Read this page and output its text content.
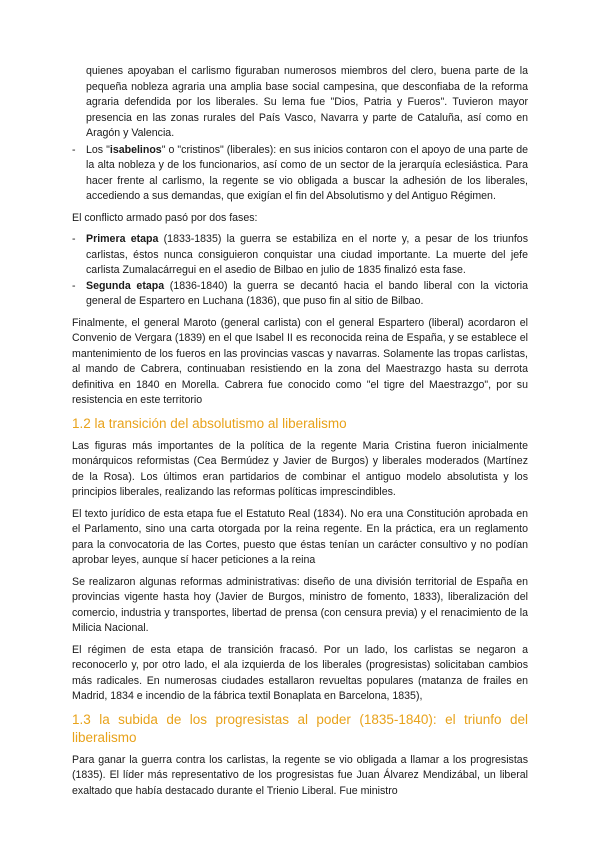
quienes apoyaban el carlismo figuraban numerosos miembros del clero, buena parte de la pequeña nobleza agraria una amplia base social campesina, que desconfiaba de la reforma agraria defendida por los liberales. Su lema fue "Dios, Patria y Fueros". Tuvieron mayor presencia en las zonas rurales del País Vasco, Navarra y parte de Cataluña, así como en Aragón y Valencia.
- Los "isabelinos" o "cristinos" (liberales): en sus inicios contaron con el apoyo de una parte de la alta nobleza y de los funcionarios, así como de un sector de la jerarquía eclesiástica. Para hacer frente al carlismo, la regente se vio obligada a buscar la adhesión de los liberales, accediendo a sus demandas, que exigían el fin del Absolutismo y del Antiguo Régimen.

El conflicto armado pasó por dos fases:

- Primera etapa (1833-1835) la guerra se estabiliza en el norte y, a pesar de los triunfos carlistas, éstos nunca consiguieron conquistar una ciudad importante. La muerte del jefe carlista Zumalacárregui en el asedio de Bilbao en julio de 1835 finalizó esta fase.
- Segunda etapa (1836-1840) la guerra se decantó hacia el bando liberal con la victoria general de Espartero en Luchana (1836), que puso fin al sitio de Bilbao.

Finalmente, el general Maroto (general carlista) con el general Espartero (liberal) acordaron el Convenio de Vergara (1839) en el que Isabel II es reconocida reina de España, y se establece el mantenimiento de los fueros en las provincias vascas y navarras. Solamente las tropas carlistas, al mando de Cabrera, continuaban resistiendo en la zona del Maestrazgo hasta su derrota definitiva en 1840 en Morella. Cabrera fue conocido como "el tigre del Maestrazgo", por su resistencia en este territorio

1.2 la transición del absolutismo al liberalismo

Las figuras más importantes de la política de la regente Maria Cristina fueron inicialmente monárquicos reformistas (Cea Bermúdez y Javier de Burgos) y liberales moderados (Martínez de la Rosa). Los últimos eran partidarios de combinar el antiguo modelo absolutista y los principios liberales, realizando las reformas políticas imprescindibles.

El texto jurídico de esta etapa fue el Estatuto Real (1834). No era una Constitución aprobada en el Parlamento, sino una carta otorgada por la reina regente. En la práctica, era un reglamento para la convocatoria de las Cortes, puesto que éstas tenían un carácter consultivo y no podían aprobar leyes, aunque sí hacer peticiones a la reina

Se realizaron algunas reformas administrativas: diseño de una división territorial de España en provincias vigente hasta hoy (Javier de Burgos, ministro de fomento, 1833), liberalización del comercio, industria y transportes, libertad de prensa (con censura previa) y el renacimiento de la Milicia Nacional.

El régimen de esta etapa de transición fracasó. Por un lado, los carlistas se negaron a reconocerlo y, por otro lado, el ala izquierda de los liberales (progresistas) solicitaban cambios más radicales. En numerosas ciudades estallaron revueltas populares (matanza de frailes en Madrid, 1834 e incendio de la fábrica textil Bonaplata en Barcelona, 1835),

1.3 la subida de los progresistas al poder (1835-1840): el triunfo del liberalismo

Para ganar la guerra contra los carlistas, la regente se vio obligada a llamar a los progresistas (1835). El líder más representativo de los progresistas fue Juan Álvarez Mendizábal, un liberal exaltado que había destacado durante el Trienio Liberal. Fue ministro
